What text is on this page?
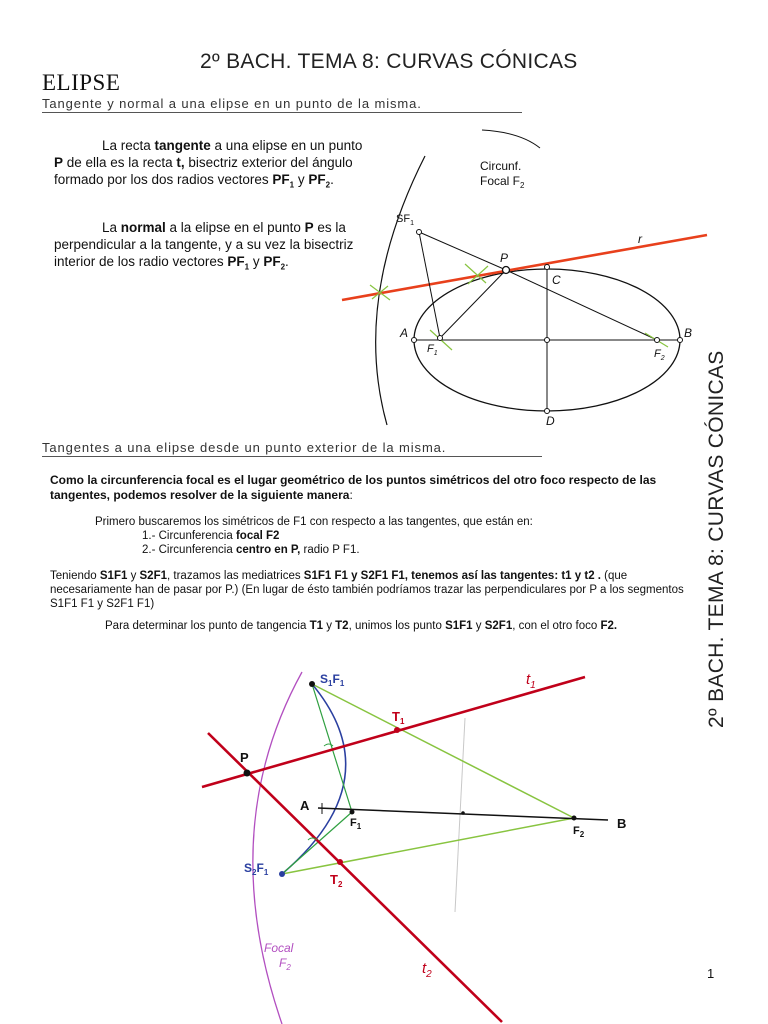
2º BACH. TEMA 8: CURVAS CÓNICAS
ELIPSE
Tangente y normal a una elipse en un punto de la misma.
La recta tangente a una elipse en un punto P de ella es la recta t, bisectriz exterior del ángulo formado por los dos radios vectores $PF_1$ y $PF_2$.
La normal a la elipse en el punto P es la perpendicular a la tangente, y a su vez la bisectriz interior de los radio vectores $PF_1$ y $PF_2$.
Circunf.
Focal $F_2$
$SF_1$
r
P
C
A	B
$F_1$	$F_2$
D
Tangentes a una elipse desde un punto exterior de la misma.
Como la circunferencia focal es el lugar geométrico de los puntos simétricos del otro foco respecto de las tangentes, podemos resolver de la siguiente manera:
Primero buscaremos los simétricos de F1 con respecto a las tangentes, que están en:
1.- Circunferencia focal F2
2.- Circunferencia centro en P, radio P F1.
Teniendo S1F1 y S2F1, trazamos las mediatrices S1F1 F1 y S2F1 F1, tenemos así las tangentes: t1 y t2 . (que necesariamente han de pasar por P.) (En lugar de ésto también podríamos trazar las perpendiculares por P a los segmentos S1F1 F1 y S2F1 F1)
Para determinar los punto de tangencia T1 y T2, unimos los punto S1F1 y S2F1, con el otro foco F2.
$S_1F_1$	$t_1$
$T_1$
P
A
$F_1$	$F_2$
B
$S_2F_1$	$T_2$
Focal
$F_2$	$t_2$
2º BACH. TEMA 8: CURVAS CÓNICAS
1
